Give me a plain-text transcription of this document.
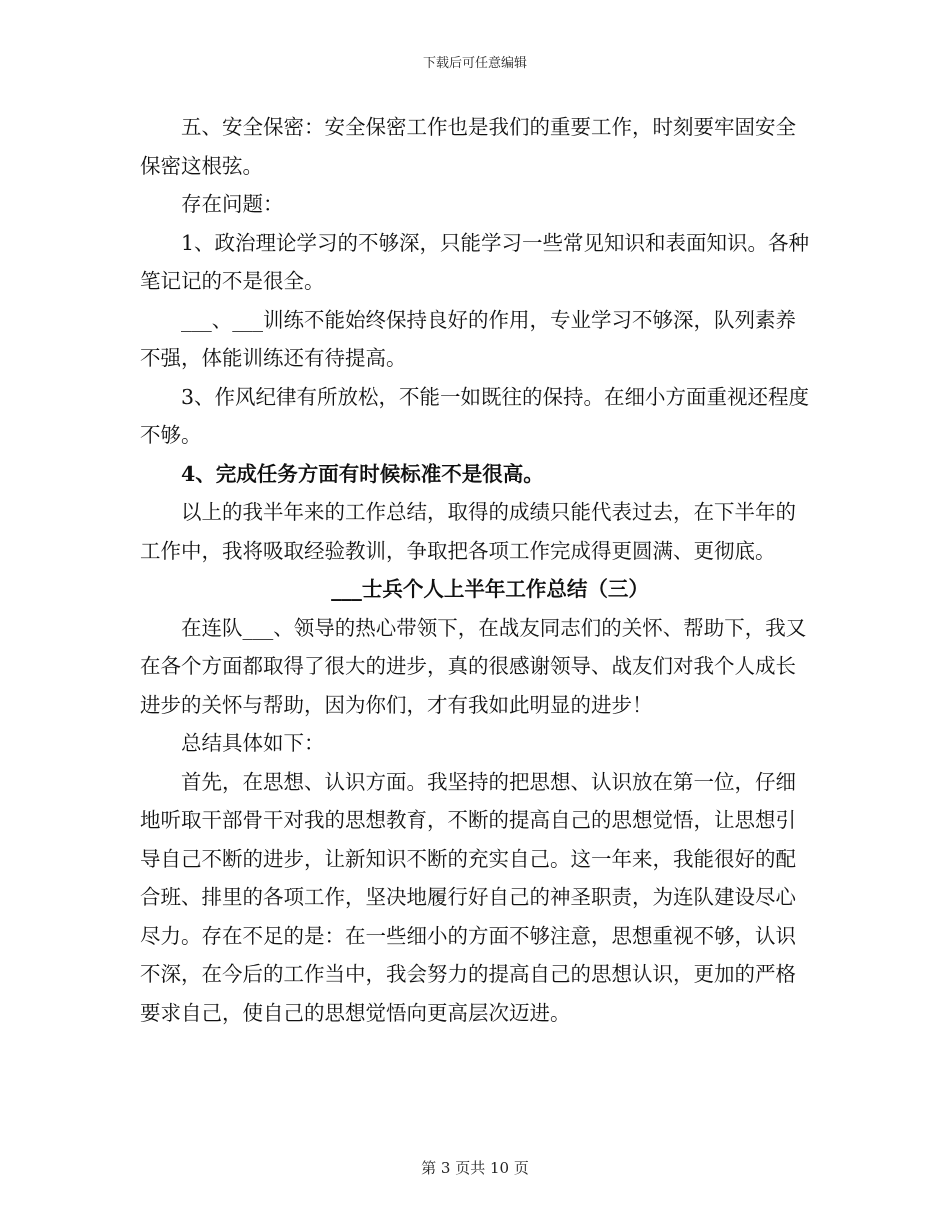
下载后可任意编辑

五、安全保密：安全保密工作也是我们的重要工作，时刻要牢固安全保密这根弦。

存在问题：

1、政治理论学习的不够深，只能学习一些常见知识和表面知识。各种笔记记的不是很全。

___、___训练不能始终保持良好的作用，专业学习不够深，队列素养不强，体能训练还有待提高。

3、作风纪律有所放松，不能一如既往的保持。在细小方面重视还程度不够。

4、完成任务方面有时候标准不是很高。

以上的我半年来的工作总结，取得的成绩只能代表过去，在下半年的工作中，我将吸取经验教训，争取把各项工作完成得更圆满、更彻底。

___士兵个人上半年工作总结（三）

在连队___、领导的热心带领下，在战友同志们的关怀、帮助下，我又在各个方面都取得了很大的进步，真的很感谢领导、战友们对我个人成长进步的关怀与帮助，因为你们，才有我如此明显的进步！

总结具体如下：

首先，在思想、认识方面。我坚持的把思想、认识放在第一位，仔细地听取干部骨干对我的思想教育，不断的提高自己的思想觉悟，让思想引导自己不断的进步，让新知识不断的充实自己。这一年来，我能很好的配合班、排里的各项工作，坚决地履行好自己的神圣职责，为连队建设尽心尽力。存在不足的是：在一些细小的方面不够注意，思想重视不够，认识不深，在今后的工作当中，我会努力的提高自己的思想认识，更加的严格要求自己，使自己的思想觉悟向更高层次迈进。

第 3 页共 10 页
